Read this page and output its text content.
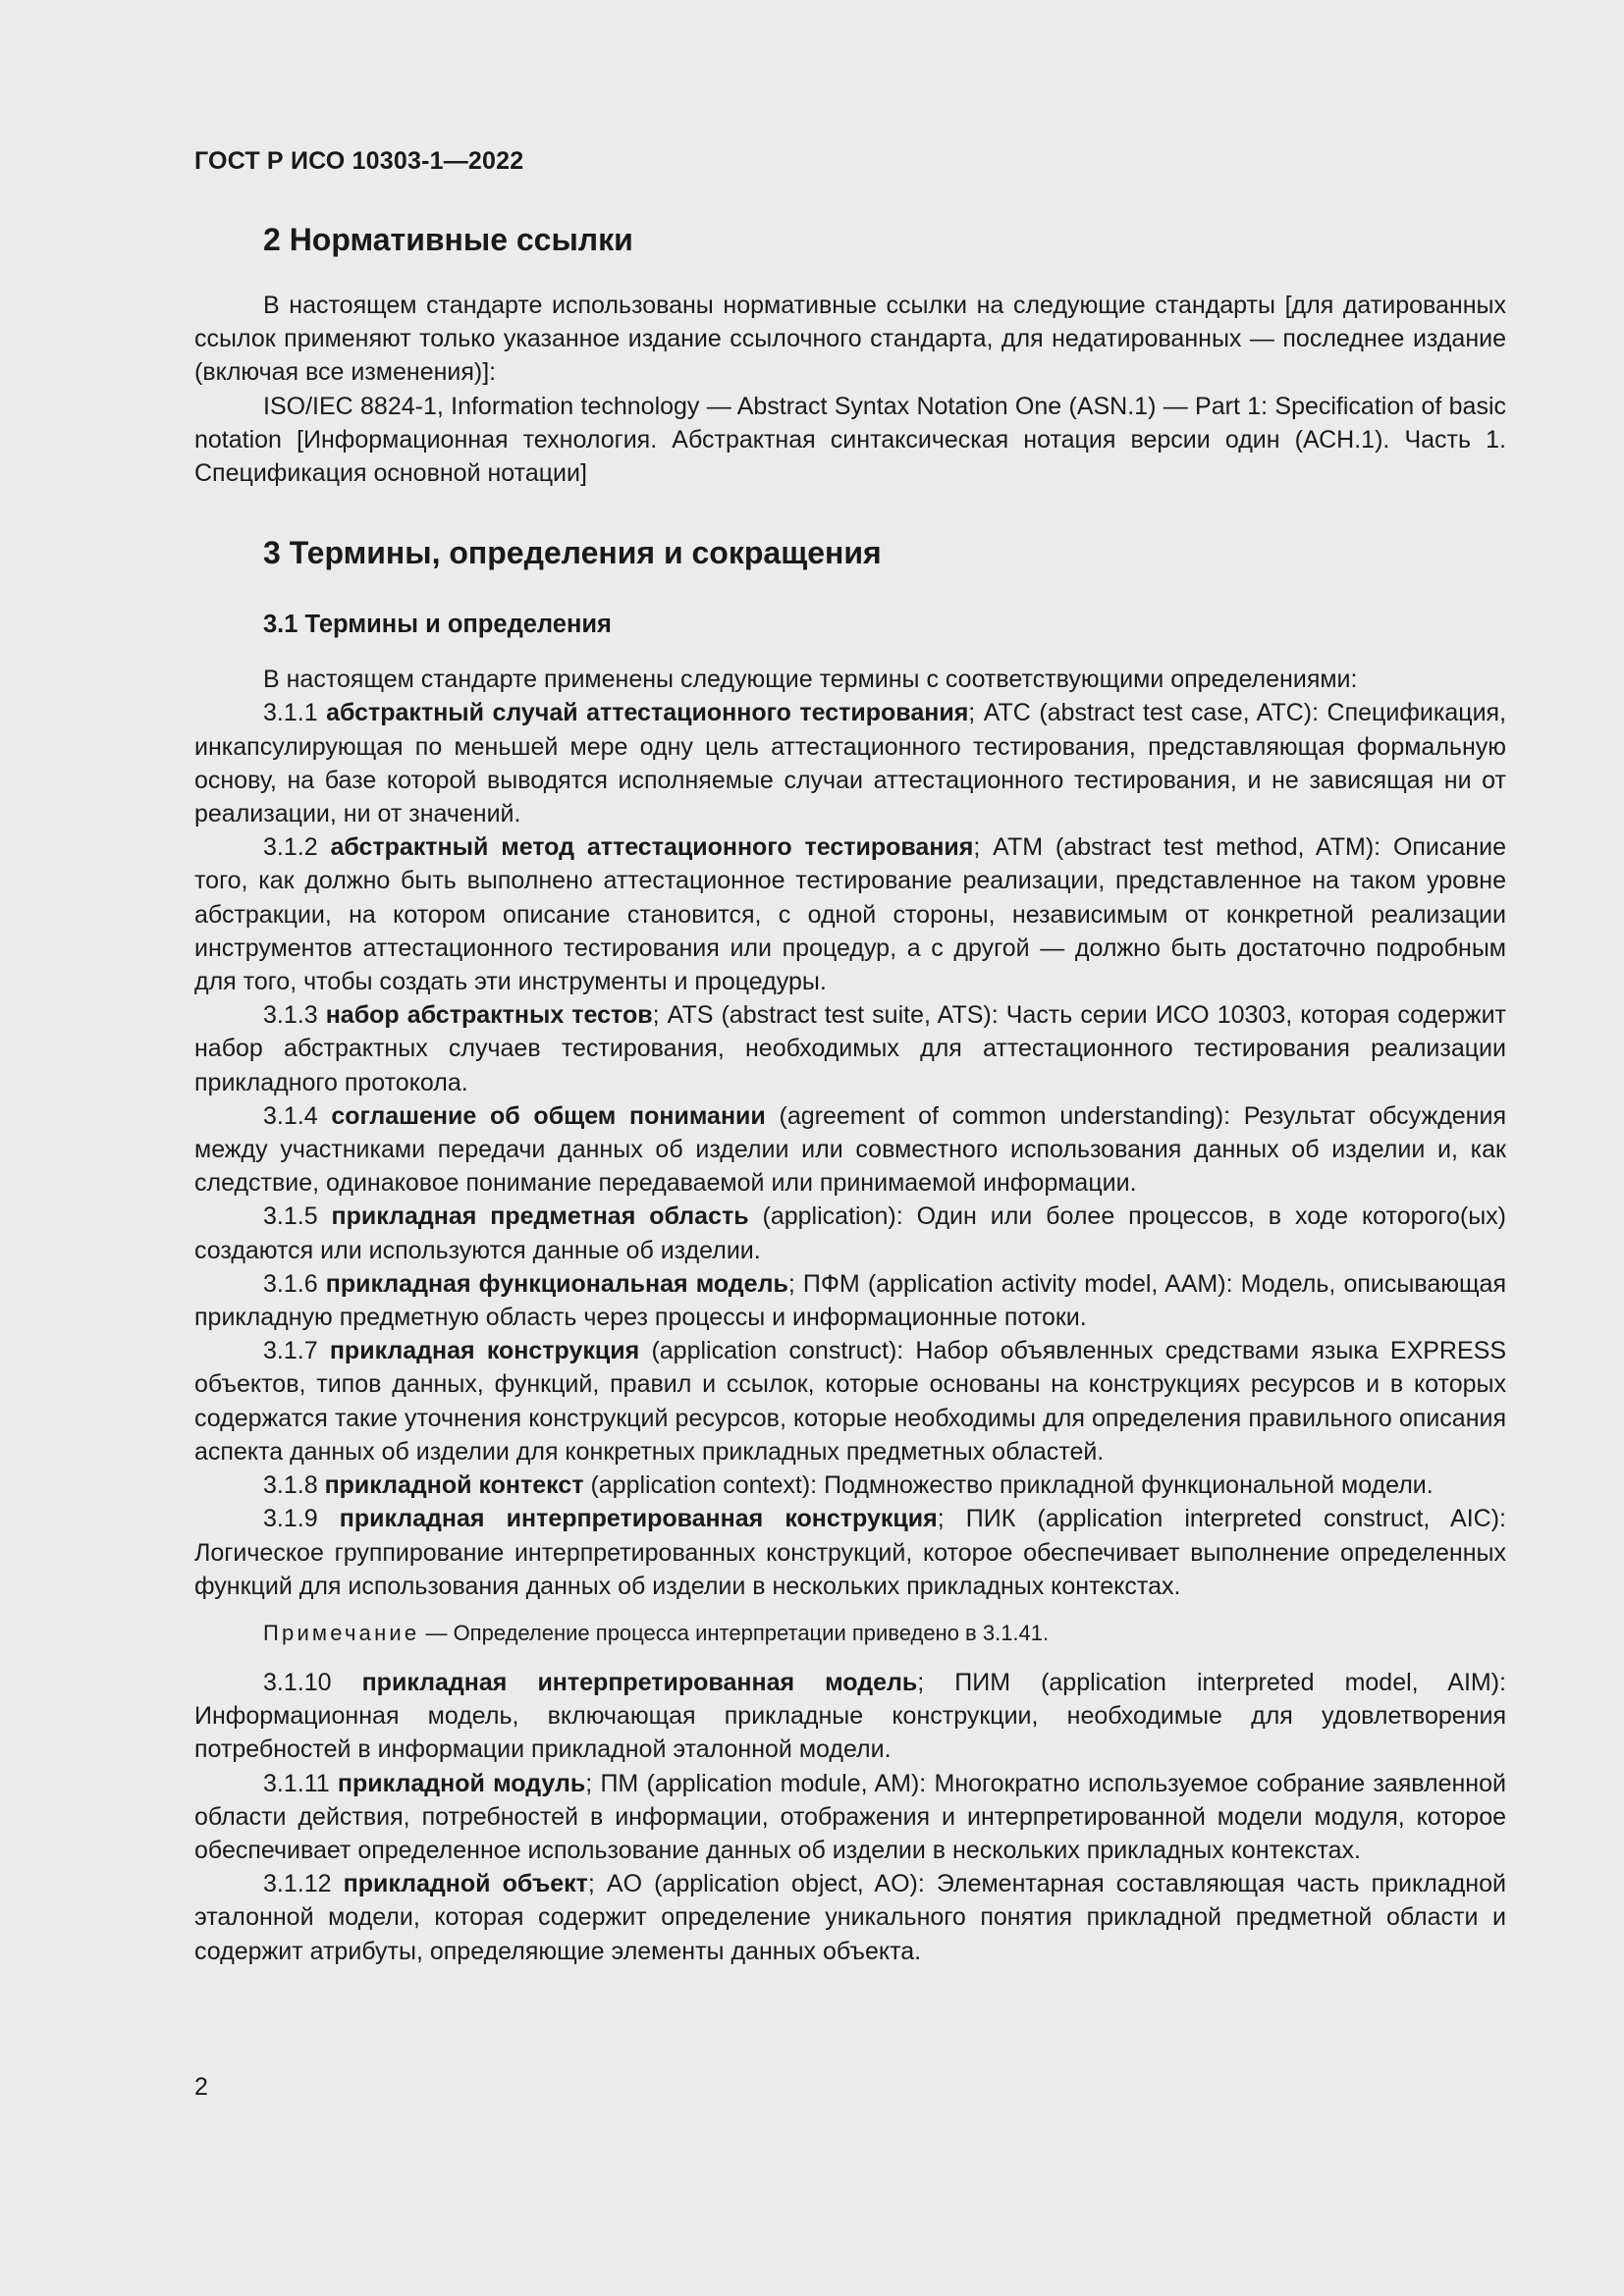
ГОСТ Р ИСО 10303-1—2022
2 Нормативные ссылки

В настоящем стандарте использованы нормативные ссылки на следующие стандарты [для датированных ссылок применяют только указанное издание ссылочного стандарта, для недатированных — последнее издание (включая все изменения)]:

ISO/IEC 8824-1, Information technology — Abstract Syntax Notation One (ASN.1) — Part 1: Specification of basic notation [Информационная технология. Абстрактная синтаксическая нотация версии один (АСН.1). Часть 1. Спецификация основной нотации]

3 Термины, определения и сокращения
3.1 Термины и определения

В настоящем стандарте применены следующие термины с соответствующими определениями:

3.1.1 абстрактный случай аттестационного тестирования; ATC (abstract test case, ATC): Спецификация, инкапсулирующая по меньшей мере одну цель аттестационного тестирования, представляющая формальную основу, на базе которой выводятся исполняемые случаи аттестационного тестирования, и не зависящая ни от реализации, ни от значений.

3.1.2 абстрактный метод аттестационного тестирования; ATM (abstract test method, ATM): Описание того, как должно быть выполнено аттестационное тестирование реализации, представленное на таком уровне абстракции, на котором описание становится, с одной стороны, независимым от конкретной реализации инструментов аттестационного тестирования или процедур, а с другой — должно быть достаточно подробным для того, чтобы создать эти инструменты и процедуры.

3.1.3 набор абстрактных тестов; ATS (abstract test suite, ATS): Часть серии ИСО 10303, которая содержит набор абстрактных случаев тестирования, необходимых для аттестационного тестирования реализации прикладного протокола.

3.1.4 соглашение об общем понимании (agreement of common understanding): Результат обсуждения между участниками передачи данных об изделии или совместного использования данных об изделии и, как следствие, одинаковое понимание передаваемой или принимаемой информации.

3.1.5 прикладная предметная область (application): Один или более процессов, в ходе которого(ых) создаются или используются данные об изделии.

3.1.6 прикладная функциональная модель; ПФМ (application activity model, AAM): Модель, описывающая прикладную предметную область через процессы и информационные потоки.

3.1.7 прикладная конструкция (application construct): Набор объявленных средствами языка EXPRESS объектов, типов данных, функций, правил и ссылок, которые основаны на конструкциях ресурсов и в которых содержатся такие уточнения конструкций ресурсов, которые необходимы для определения правильного описания аспекта данных об изделии для конкретных прикладных предметных областей.

3.1.8 прикладной контекст (application context): Подмножество прикладной функциональной модели.

3.1.9 прикладная интерпретированная конструкция; ПИК (application interpreted construct, AIC): Логическое группирование интерпретированных конструкций, которое обеспечивает выполнение определенных функций для использования данных об изделии в нескольких прикладных контекстах.

Примечание — Определение процесса интерпретации приведено в 3.1.41.

3.1.10 прикладная интерпретированная модель; ПИМ (application interpreted model, AIM): Информационная модель, включающая прикладные конструкции, необходимые для удовлетворения потребностей в информации прикладной эталонной модели.

3.1.11 прикладной модуль; ПМ (application module, AM): Многократно используемое собрание заявленной области действия, потребностей в информации, отображения и интерпретированной модели модуля, которое обеспечивает определенное использование данных об изделии в нескольких прикладных контекстах.

3.1.12 прикладной объект; AO (application object, AO): Элементарная составляющая часть прикладной эталонной модели, которая содержит определение уникального понятия прикладной предметной области и содержит атрибуты, определяющие элементы данных объекта.

2
